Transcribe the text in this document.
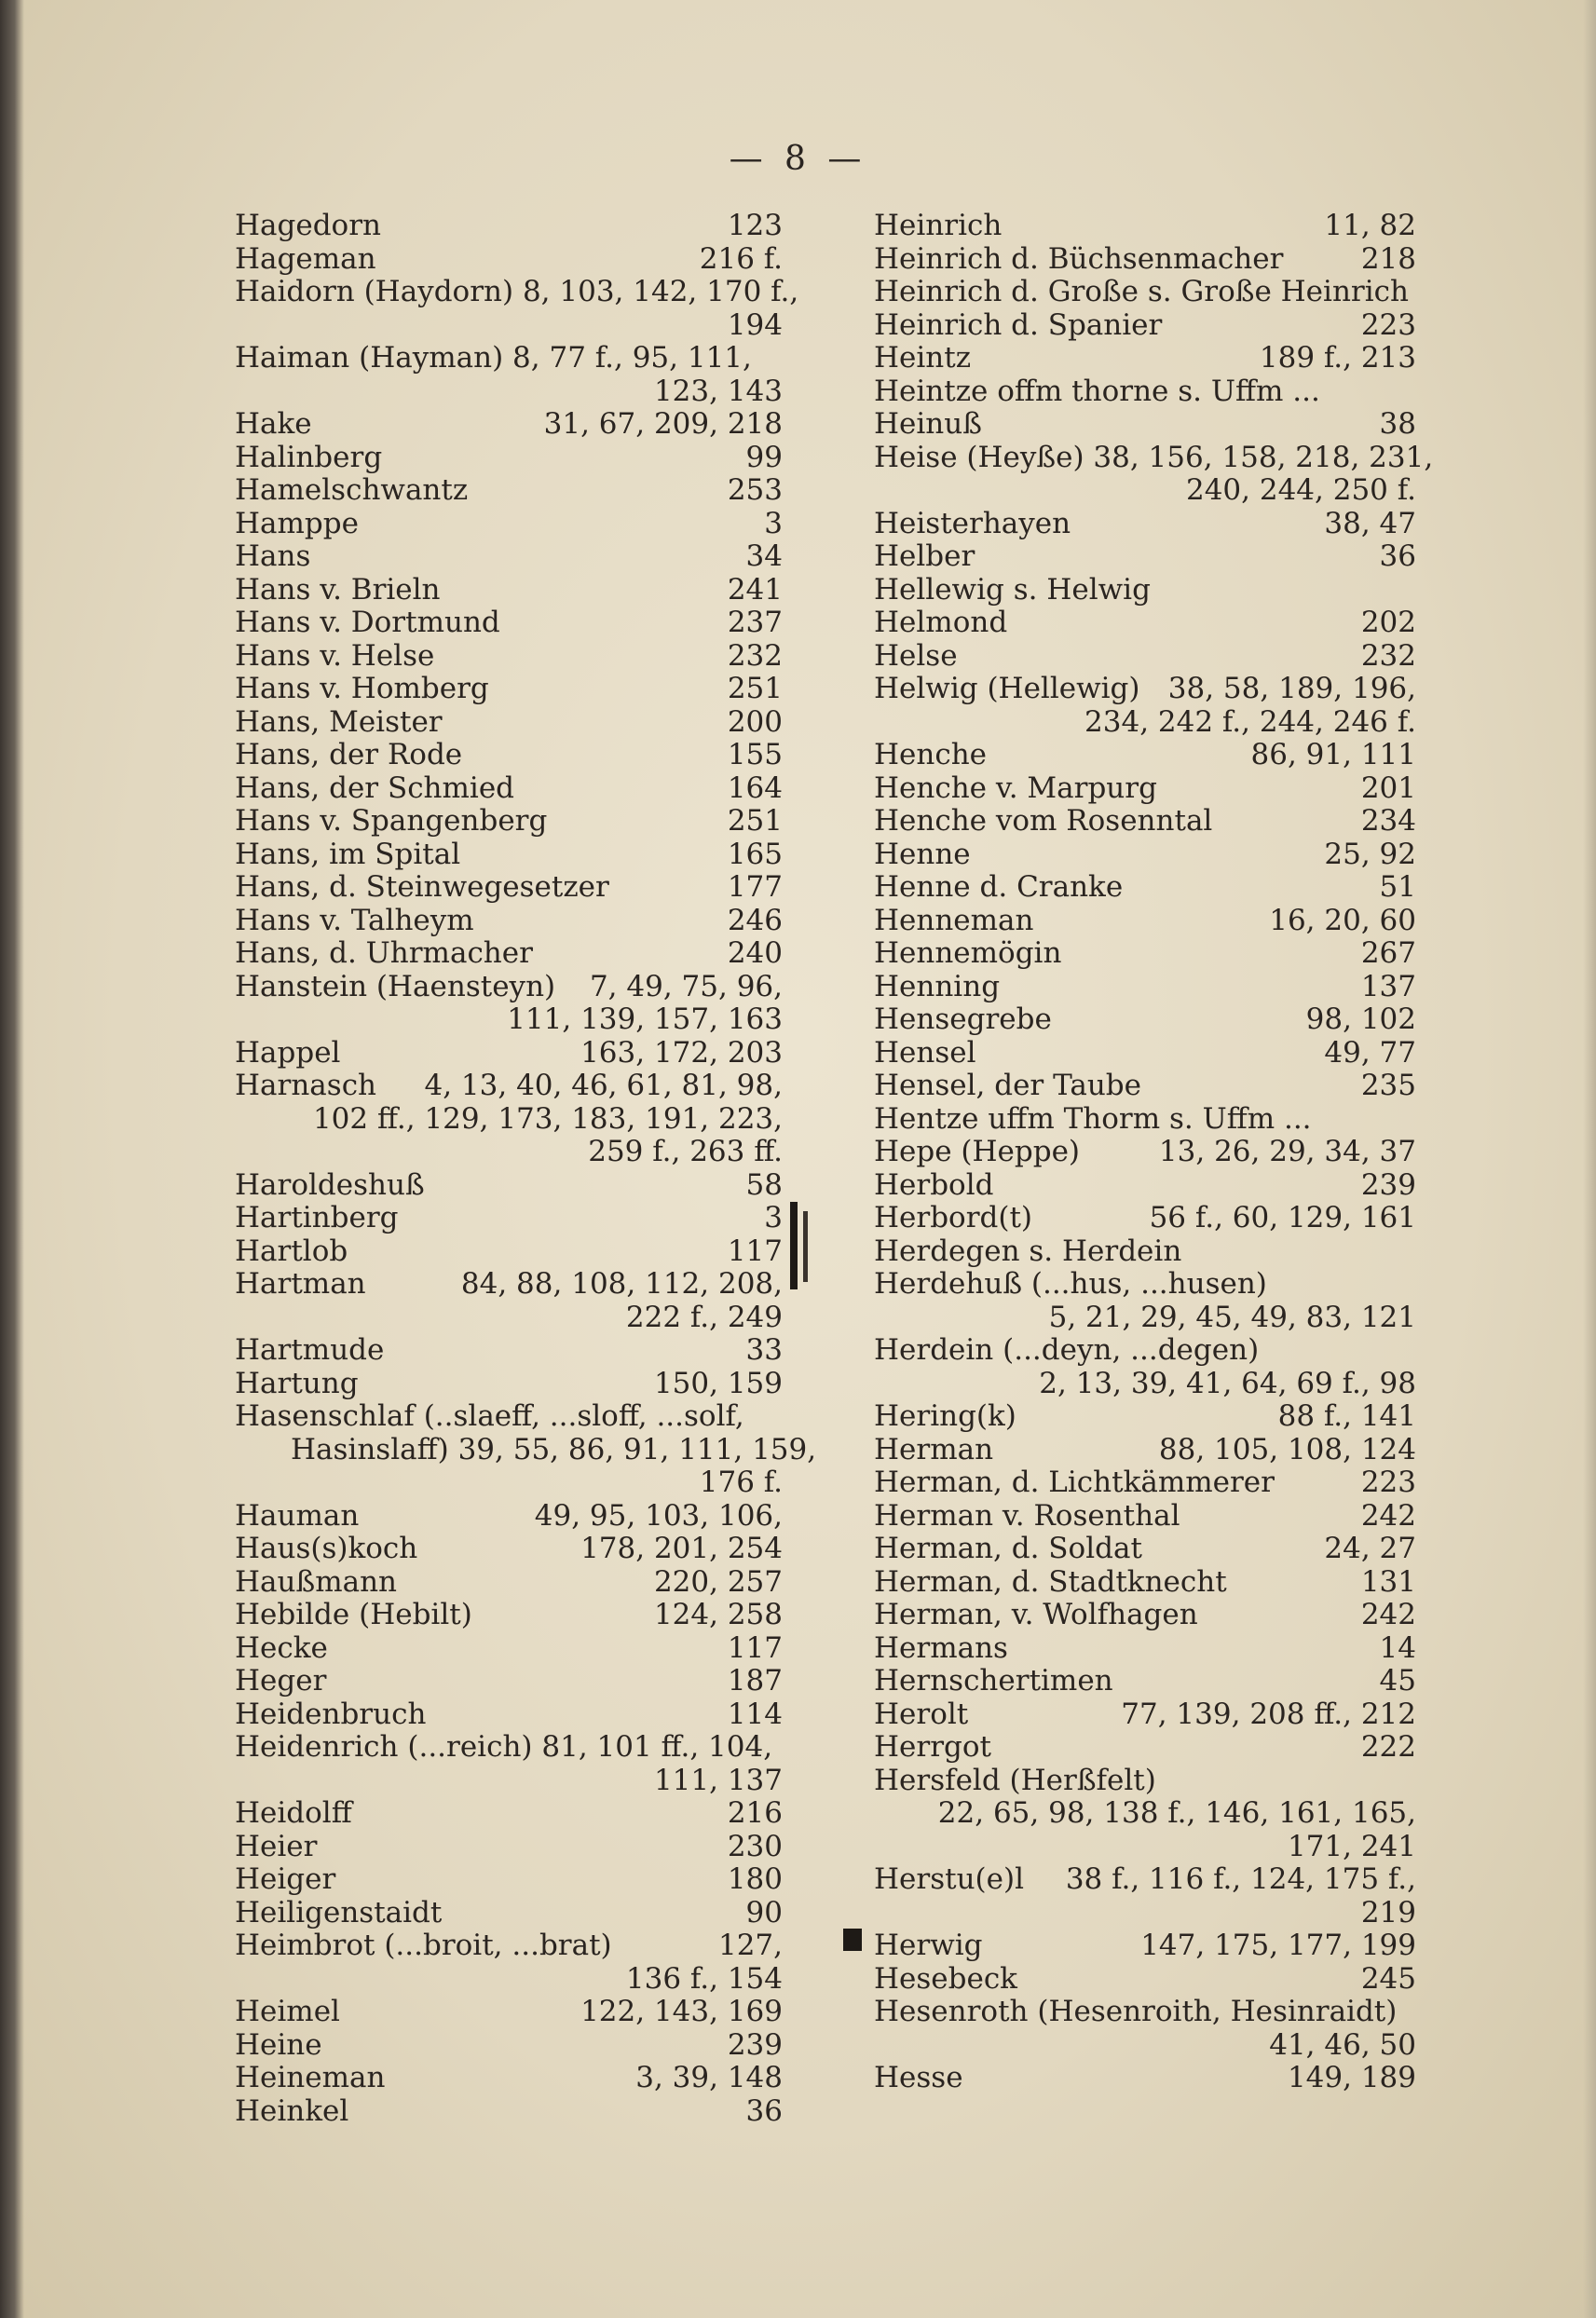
— 8 —
Hagedorn	123
Hageman	216 f.
Haidorn (Haydorn) 8, 103, 142, 170 f.,
194
Haiman (Hayman) 8, 77 f., 95, 111,
123, 143
Hake	31, 67, 209, 218
Halinberg	99
Hamelschwantz	253
Hamppe	3
Hans	34
Hans v. Brieln	241
Hans v. Dortmund	237
Hans v. Helse	232
Hans v. Homberg	251
Hans, Meister	200
Hans, der Rode	155
Hans, der Schmied	164
Hans v. Spangenberg	251
Hans, im Spital	165
Hans, d. Steinwegesetzer	177
Hans v. Talheym	246
Hans, d. Uhrmacher	240
Hanstein (Haensteyn) 7, 49, 75, 96,
111, 139, 157, 163
Happel	163, 172, 203
Harnasch 4, 13, 40, 46, 61, 81, 98,
102 ff., 129, 173, 183, 191, 223,
259 f., 263 ff.
Haroldeshuß	58
Hartinberg	3
Hartlob	117
Hartman	84, 88, 108, 112, 208,
222 f., 249
Hartmude	33
Hartung	150, 159
Hasenschlaf (..slaeff, ...sloff, ...solf,
Hasinslaff) 39, 55, 86, 91, 111, 159,
176 f.
Hauman	49, 95, 103, 106,
Haus(s)koch	178, 201, 254
Haußmann	220, 257
Hebilde (Hebilt)	124, 258
Hecke	117
Heger	187
Heidenbruch	114
Heidenrich (...reich) 81, 101 ff., 104,
111, 137
Heidolff	216
Heier	230
Heiger	180
Heiligenstaidt	90
Heimbrot (...broit, ...brat)	127,
136 f., 154
Heimel	122, 143, 169
Heine	239
Heineman	3, 39, 148
Heinkel	36
Heinrich	11, 82
Heinrich d. Büchsenmacher	218
Heinrich d. Große s. Große Heinrich
Heinrich d. Spanier	223
Heintz	189 f., 213
Heintze offm thorne s. Uffm ...
Heinuß	38
Heise (Heyße) 38, 156, 158, 218, 231,
240, 244, 250 f.
Heisterhayen	38, 47
Helber	36
Hellewig s. Helwig
Helmond	202
Helse	232
Helwig (Hellewig) 38, 58, 189, 196,
234, 242 f., 244, 246 f.
Henche	86, 91, 111
Henche v. Marpurg	201
Henche vom Rosenntal	234
Henne	25, 92
Henne d. Cranke	51
Henneman	16, 20, 60
Hennemögin	267
Henning	137
Hensegrebe	98, 102
Hensel	49, 77
Hensel, der Taube	235
Hentze uffm Thorm s. Uffm ...
Hepe (Heppe)	13, 26, 29, 34, 37
Herbold	239
Herbord(t)	56 f., 60, 129, 161
Herdegen s. Herdein
Herdehuß (...hus, ...husen)
5, 21, 29, 45, 49, 83, 121
Herdein (...deyn, ...degen)
2, 13, 39, 41, 64, 69 f., 98
Hering(k)	88 f., 141
Herman	88, 105, 108, 124
Herman, d. Lichtkämmerer	223
Herman v. Rosenthal	242
Herman, d. Soldat	24, 27
Herman, d. Stadtknecht	131
Herman, v. Wolfhagen	242
Hermans	14
Hernschertimen	45
Herolt	77, 139, 208 ff., 212
Herrgot	222
Hersfeld (Herßfelt)
22, 65, 98, 138 f., 146, 161, 165,
171, 241
Herstu(e)l 38 f., 116 f., 124, 175 f.,
219
Herwig	147, 175, 177, 199
Hesebeck	245
Hesenroth (Hesenroith, Hesinraidt)
41, 46, 50
Hesse	149, 189
